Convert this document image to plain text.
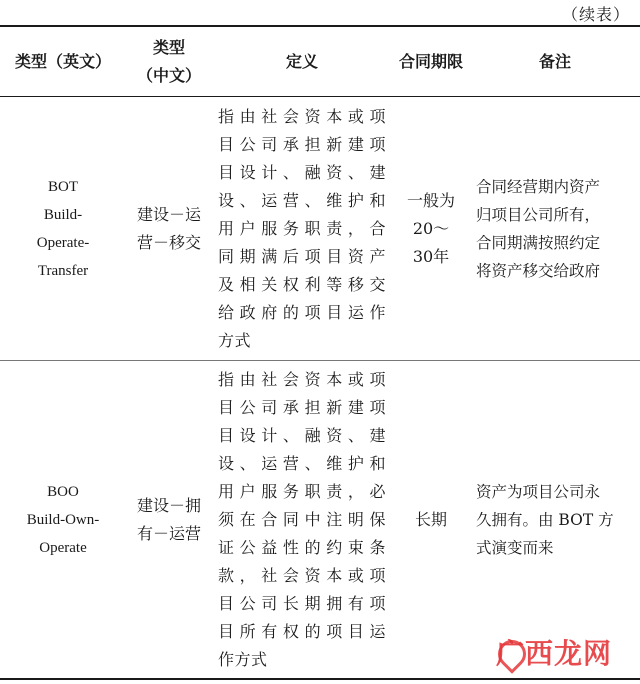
（续表）
类型（英文）
类型
（中文）
定义	合同期限	备注
BOT
Build-
Operate-
Transfer
建设－运
营－移交
指由社会资本或项
目公司承担新建项
目设计、融资、建
设、运营、维护和
用户服务职责，合
同期满后项目资产
及相关权利等移交
给政府的项目运作
方式
一般为
20～
30年
合同经营期内资产
归项目公司所有，
合同期满按照约定
将资产移交给政府
BOO
Build-Own-
Operate
建设－拥
有－运营
指由社会资本或项
目公司承担新建项
目设计、融资、建
设、运营、维护和
用户服务职责，必
须在合同中注明保
证公益性的约束条
款，社会资本或项
目公司长期拥有项
目所有权的项目运
作方式
长期
资产为项目公司永
久拥有。由 BOT 方
式演变而来
广西龙网
